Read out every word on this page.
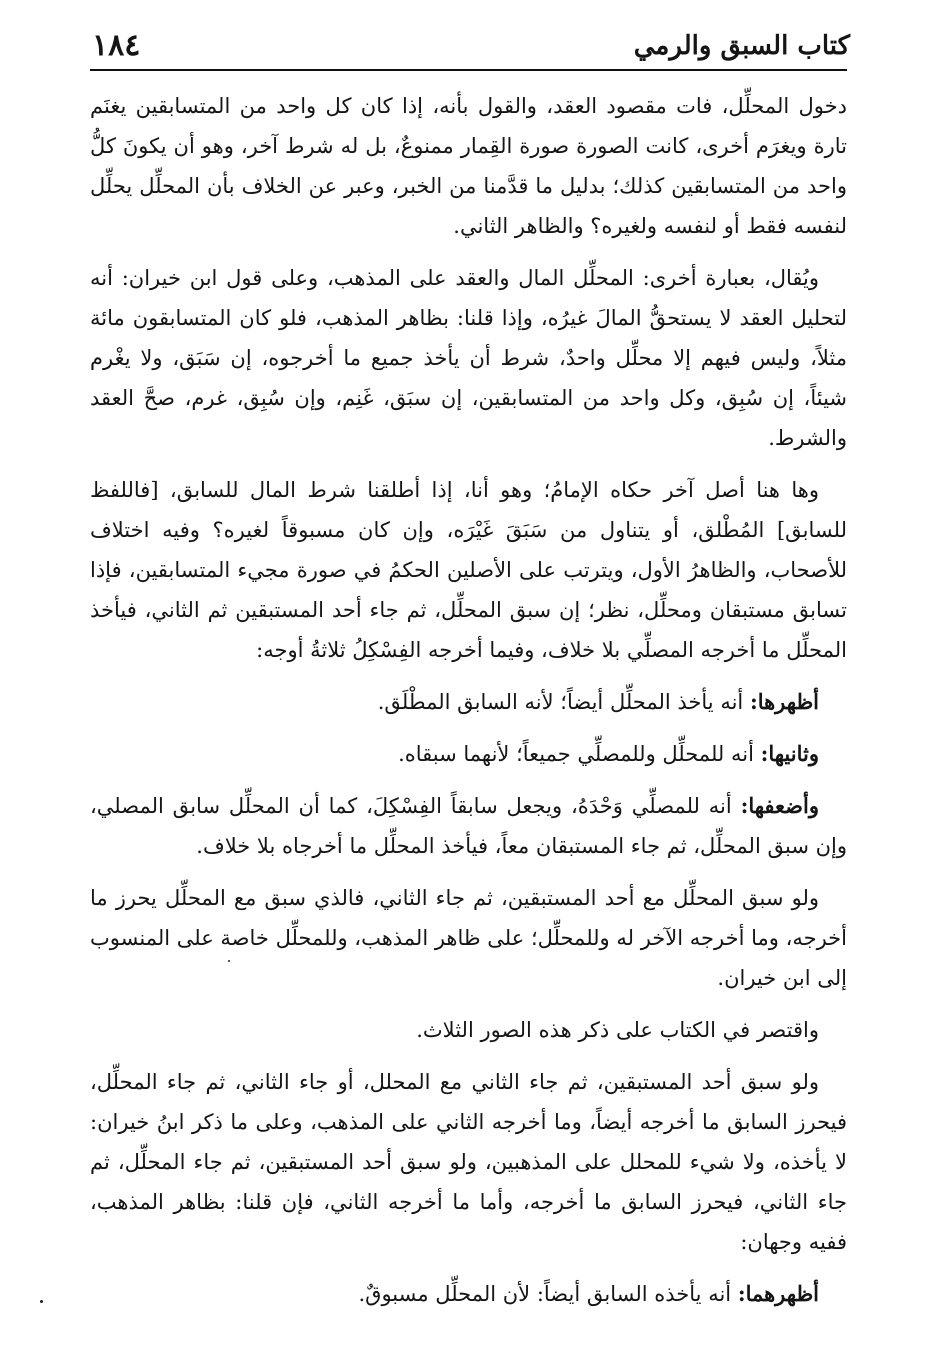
١٨٤	كتاب السبق والرمي

دخول المحلِّل، فات مقصود العقد، والقول بأنه، إذا كان كل واحد من المتسابقين يغنَم تارة ويغرَم أخرى، كانت الصورة صورة القِمار ممنوعٌ، بل له شرط آخر، وهو أن يكونَ كلُّ واحد من المتسابقين كذلك؛ بدليل ما قدَّمنا من الخبر، وعبر عن الخلاف بأن المحلِّل يحلِّل لنفسه فقط أو لنفسه ولغيره؟ والظاهر الثاني.

ويُقال، بعبارة أخرى: المحلِّل المال والعقد على المذهب، وعلى قول ابن خيران: أنه لتحليل العقد لا يستحقُّ المالَ غيرُه، وإذا قلنا: بظاهر المذهب، فلو كان المتسابقون مائة مثلاً، وليس فيهم إلا محلِّل واحدٌ، شرط أن يأخذ جميع ما أخرجوه، إن سَبَق، ولا يغْرم شيئاً، إن سُبِق، وكل واحد من المتسابقين، إن سبَق، غَنِم، وإن سُبِق، غرم، صحَّ العقد والشرط.

وها هنا أصل آخر حكاه الإمامُ؛ وهو أنا، إذا أطلقنا شرط المال للسابق، [فاللفظ للسابق] المُطْلق، أو يتناول من سَبَقَ غَيْرَه، وإن كان مسبوقاً لغيره؟ وفيه اختلاف للأصحاب، والظاهرُ الأول، ويترتب على الأصلين الحكمُ في صورة مجيء المتسابقين، فإذا تسابق مستبقان ومحلِّل، نظر؛ إن سبق المحلِّل، ثم جاء أحد المستبقين ثم الثاني، فيأخذ المحلِّل ما أخرجه المصلِّي بلا خلاف، وفيما أخرجه الفِسْكِلُ ثلاثةُ أوجه:

أظهرها: أنه يأخذ المحلِّل أيضاً؛ لأنه السابق المطْلَق.

وثانيها: أنه للمحلِّل وللمصلِّي جميعاً؛ لأنهما سبقاه.

وأضعفها: أنه للمصلِّي وَحْدَهُ، ويجعل سابقاً الفِسْكِلَ، كما أن المحلِّل سابق المصلي، وإن سبق المحلِّل، ثم جاء المستبقان معاً، فيأخذ المحلِّل ما أخرجاه بلا خلاف.

ولو سبق المحلِّل مع أحد المستبقين، ثم جاء الثاني، فالذي سبق مع المحلِّل يحرز ما أخرجه، وما أخرجه الآخر له وللمحلِّل؛ على ظاهر المذهب، وللمحلِّل خاصة على المنسوب إلى ابن خيران.

واقتصر في الكتاب على ذكر هذه الصور الثلاث.

ولو سبق أحد المستبقين، ثم جاء الثاني مع المحلل، أو جاء الثاني، ثم جاء المحلِّل، فيحرز السابق ما أخرجه أيضاً، وما أخرجه الثاني على المذهب، وعلى ما ذكر ابنُ خيران: لا يأخذه، ولا شيء للمحلل على المذهبين، ولو سبق أحد المستبقين، ثم جاء المحلِّل، ثم جاء الثاني، فيحرز السابق ما أخرجه، وأما ما أخرجه الثاني، فإن قلنا: بظاهر المذهب، ففيه وجهان:

أظهرهما: أنه يأخذه السابق أيضاً: لأن المحلِّل مسبوقٌ.
